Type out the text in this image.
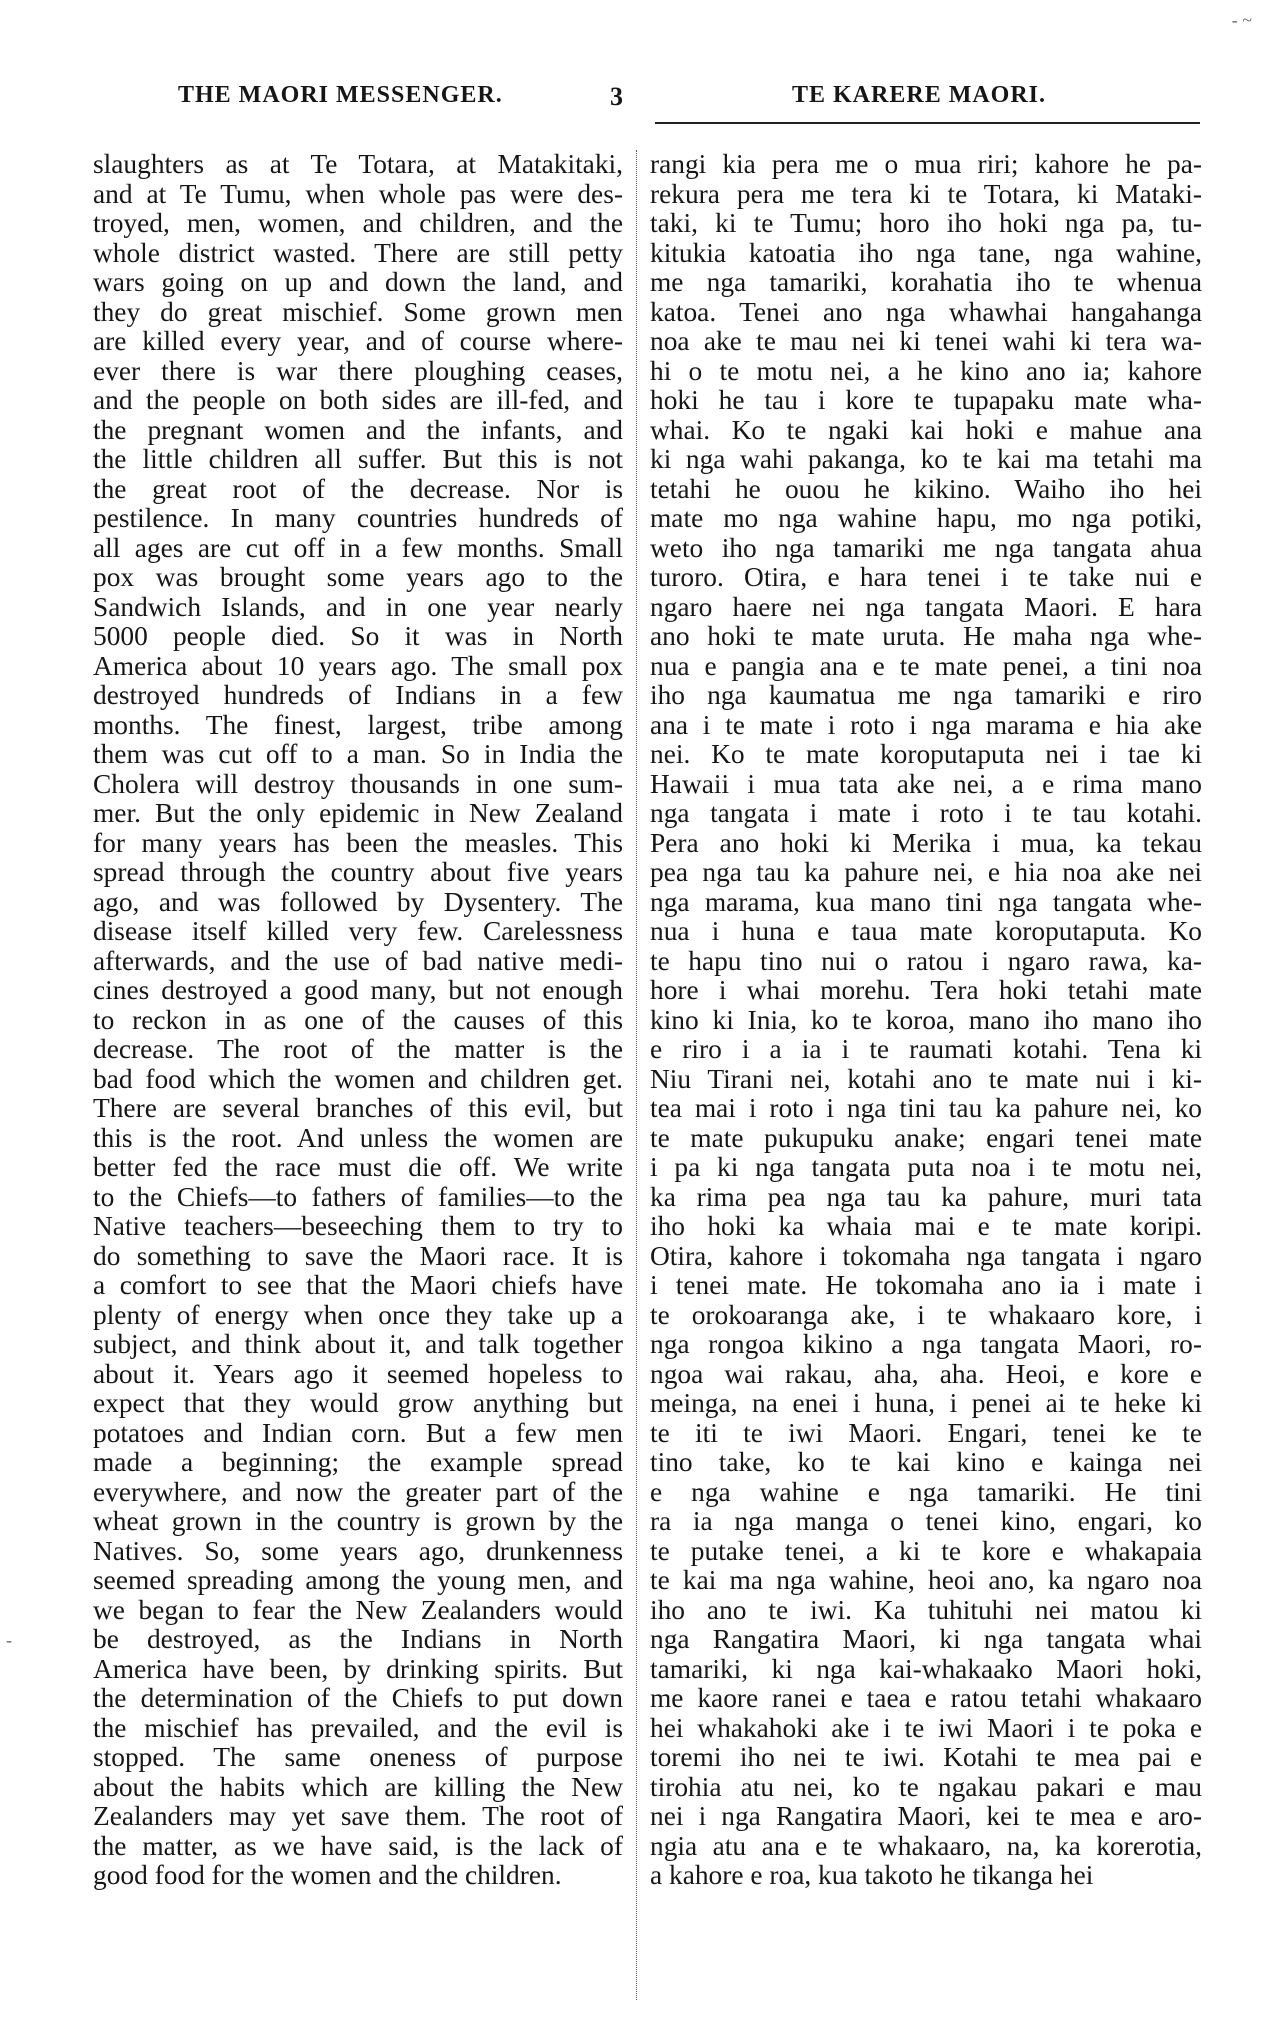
- ~
-
THE MAORI MESSENGER.	3	TE KARERE MAORI.
slaughters as at Te Totara, at Matakitaki,
and at Te Tumu, when whole pas were des-
troyed, men, women, and children, and the
whole district wasted. There are still petty
wars going on up and down the land, and
they do great mischief. Some grown men
are killed every year, and of course where-
ever there is war there ploughing ceases,
and the people on both sides are ill-fed, and
the pregnant women and the infants, and
the little children all suffer. But this is not
the great root of the decrease. Nor is
pestilence. In many countries hundreds of
all ages are cut off in a few months. Small
pox was brought some years ago to the
Sandwich Islands, and in one year nearly
5000 people died. So it was in North
America about 10 years ago. The small pox
destroyed hundreds of Indians in a few
months. The finest, largest, tribe among
them was cut off to a man. So in India the
Cholera will destroy thousands in one sum-
mer. But the only epidemic in New Zealand
for many years has been the measles. This
spread through the country about five years
ago, and was followed by Dysentery. The
disease itself killed very few. Carelessness
afterwards, and the use of bad native medi-
cines destroyed a good many, but not enough
to reckon in as one of the causes of this
decrease. The root of the matter is the
bad food which the women and children get.
There are several branches of this evil, but
this is the root. And unless the women are
better fed the race must die off. We write
to the Chiefs—to fathers of families—to the
Native teachers—beseeching them to try to
do something to save the Maori race. It is
a comfort to see that the Maori chiefs have
plenty of energy when once they take up a
subject, and think about it, and talk together
about it. Years ago it seemed hopeless to
expect that they would grow anything but
potatoes and Indian corn. But a few men
made a beginning; the example spread
everywhere, and now the greater part of the
wheat grown in the country is grown by the
Natives. So, some years ago, drunkenness
seemed spreading among the young men, and
we began to fear the New Zealanders would
be destroyed, as the Indians in North
America have been, by drinking spirits. But
the determination of the Chiefs to put down
the mischief has prevailed, and the evil is
stopped. The same oneness of purpose
about the habits which are killing the New
Zealanders may yet save them. The root of
the matter, as we have said, is the lack of
good food for the women and the children.
rangi kia pera me o mua riri; kahore he pa-
rekura pera me tera ki te Totara, ki Mataki-
taki, ki te Tumu; horo iho hoki nga pa, tu-
kitukia katoatia iho nga tane, nga wahine,
me nga tamariki, korahatia iho te whenua
katoa. Tenei ano nga whawhai hangahanga
noa ake te mau nei ki tenei wahi ki tera wa-
hi o te motu nei, a he kino ano ia; kahore
hoki he tau i kore te tupapaku mate wha-
whai. Ko te ngaki kai hoki e mahue ana
ki nga wahi pakanga, ko te kai ma tetahi ma
tetahi he ouou he kikino. Waiho iho hei
mate mo nga wahine hapu, mo nga potiki,
weto iho nga tamariki me nga tangata ahua
turoro. Otira, e hara tenei i te take nui e
ngaro haere nei nga tangata Maori. E hara
ano hoki te mate uruta. He maha nga whe-
nua e pangia ana e te mate penei, a tini noa
iho nga kaumatua me nga tamariki e riro
ana i te mate i roto i nga marama e hia ake
nei. Ko te mate koroputaputa nei i tae ki
Hawaii i mua tata ake nei, a e rima mano
nga tangata i mate i roto i te tau kotahi.
Pera ano hoki ki Merika i mua, ka tekau
pea nga tau ka pahure nei, e hia noa ake nei
nga marama, kua mano tini nga tangata whe-
nua i huna e taua mate koroputaputa. Ko
te hapu tino nui o ratou i ngaro rawa, ka-
hore i whai morehu. Tera hoki tetahi mate
kino ki Inia, ko te koroa, mano iho mano iho
e riro i a ia i te raumati kotahi. Tena ki
Niu Tirani nei, kotahi ano te mate nui i ki-
tea mai i roto i nga tini tau ka pahure nei, ko
te mate pukupuku anake; engari tenei mate
i pa ki nga tangata puta noa i te motu nei,
ka rima pea nga tau ka pahure, muri tata
iho hoki ka whaia mai e te mate koripi.
Otira, kahore i tokomaha nga tangata i ngaro
i tenei mate. He tokomaha ano ia i mate i
te orokoaranga ake, i te whakaaro kore, i
nga rongoa kikino a nga tangata Maori, ro-
ngoa wai rakau, aha, aha. Heoi, e kore e
meinga, na enei i huna, i penei ai te heke ki
te iti te iwi Maori. Engari, tenei ke te
tino take, ko te kai kino e kainga nei
e nga wahine e nga tamariki. He tini
ra ia nga manga o tenei kino, engari, ko
te putake tenei, a ki te kore e whakapaia
te kai ma nga wahine, heoi ano, ka ngaro noa
iho ano te iwi. Ka tuhituhi nei matou ki
nga Rangatira Maori, ki nga tangata whai
tamariki, ki nga kai-whakaako Maori hoki,
me kaore ranei e taea e ratou tetahi whakaaro
hei whakahoki ake i te iwi Maori i te poka e
toremi iho nei te iwi. Kotahi te mea pai e
tirohia atu nei, ko te ngakau pakari e mau
nei i nga Rangatira Maori, kei te mea e aro-
ngia atu ana e te whakaaro, na, ka korerotia,
a kahore e roa, kua takoto he tikanga hei
